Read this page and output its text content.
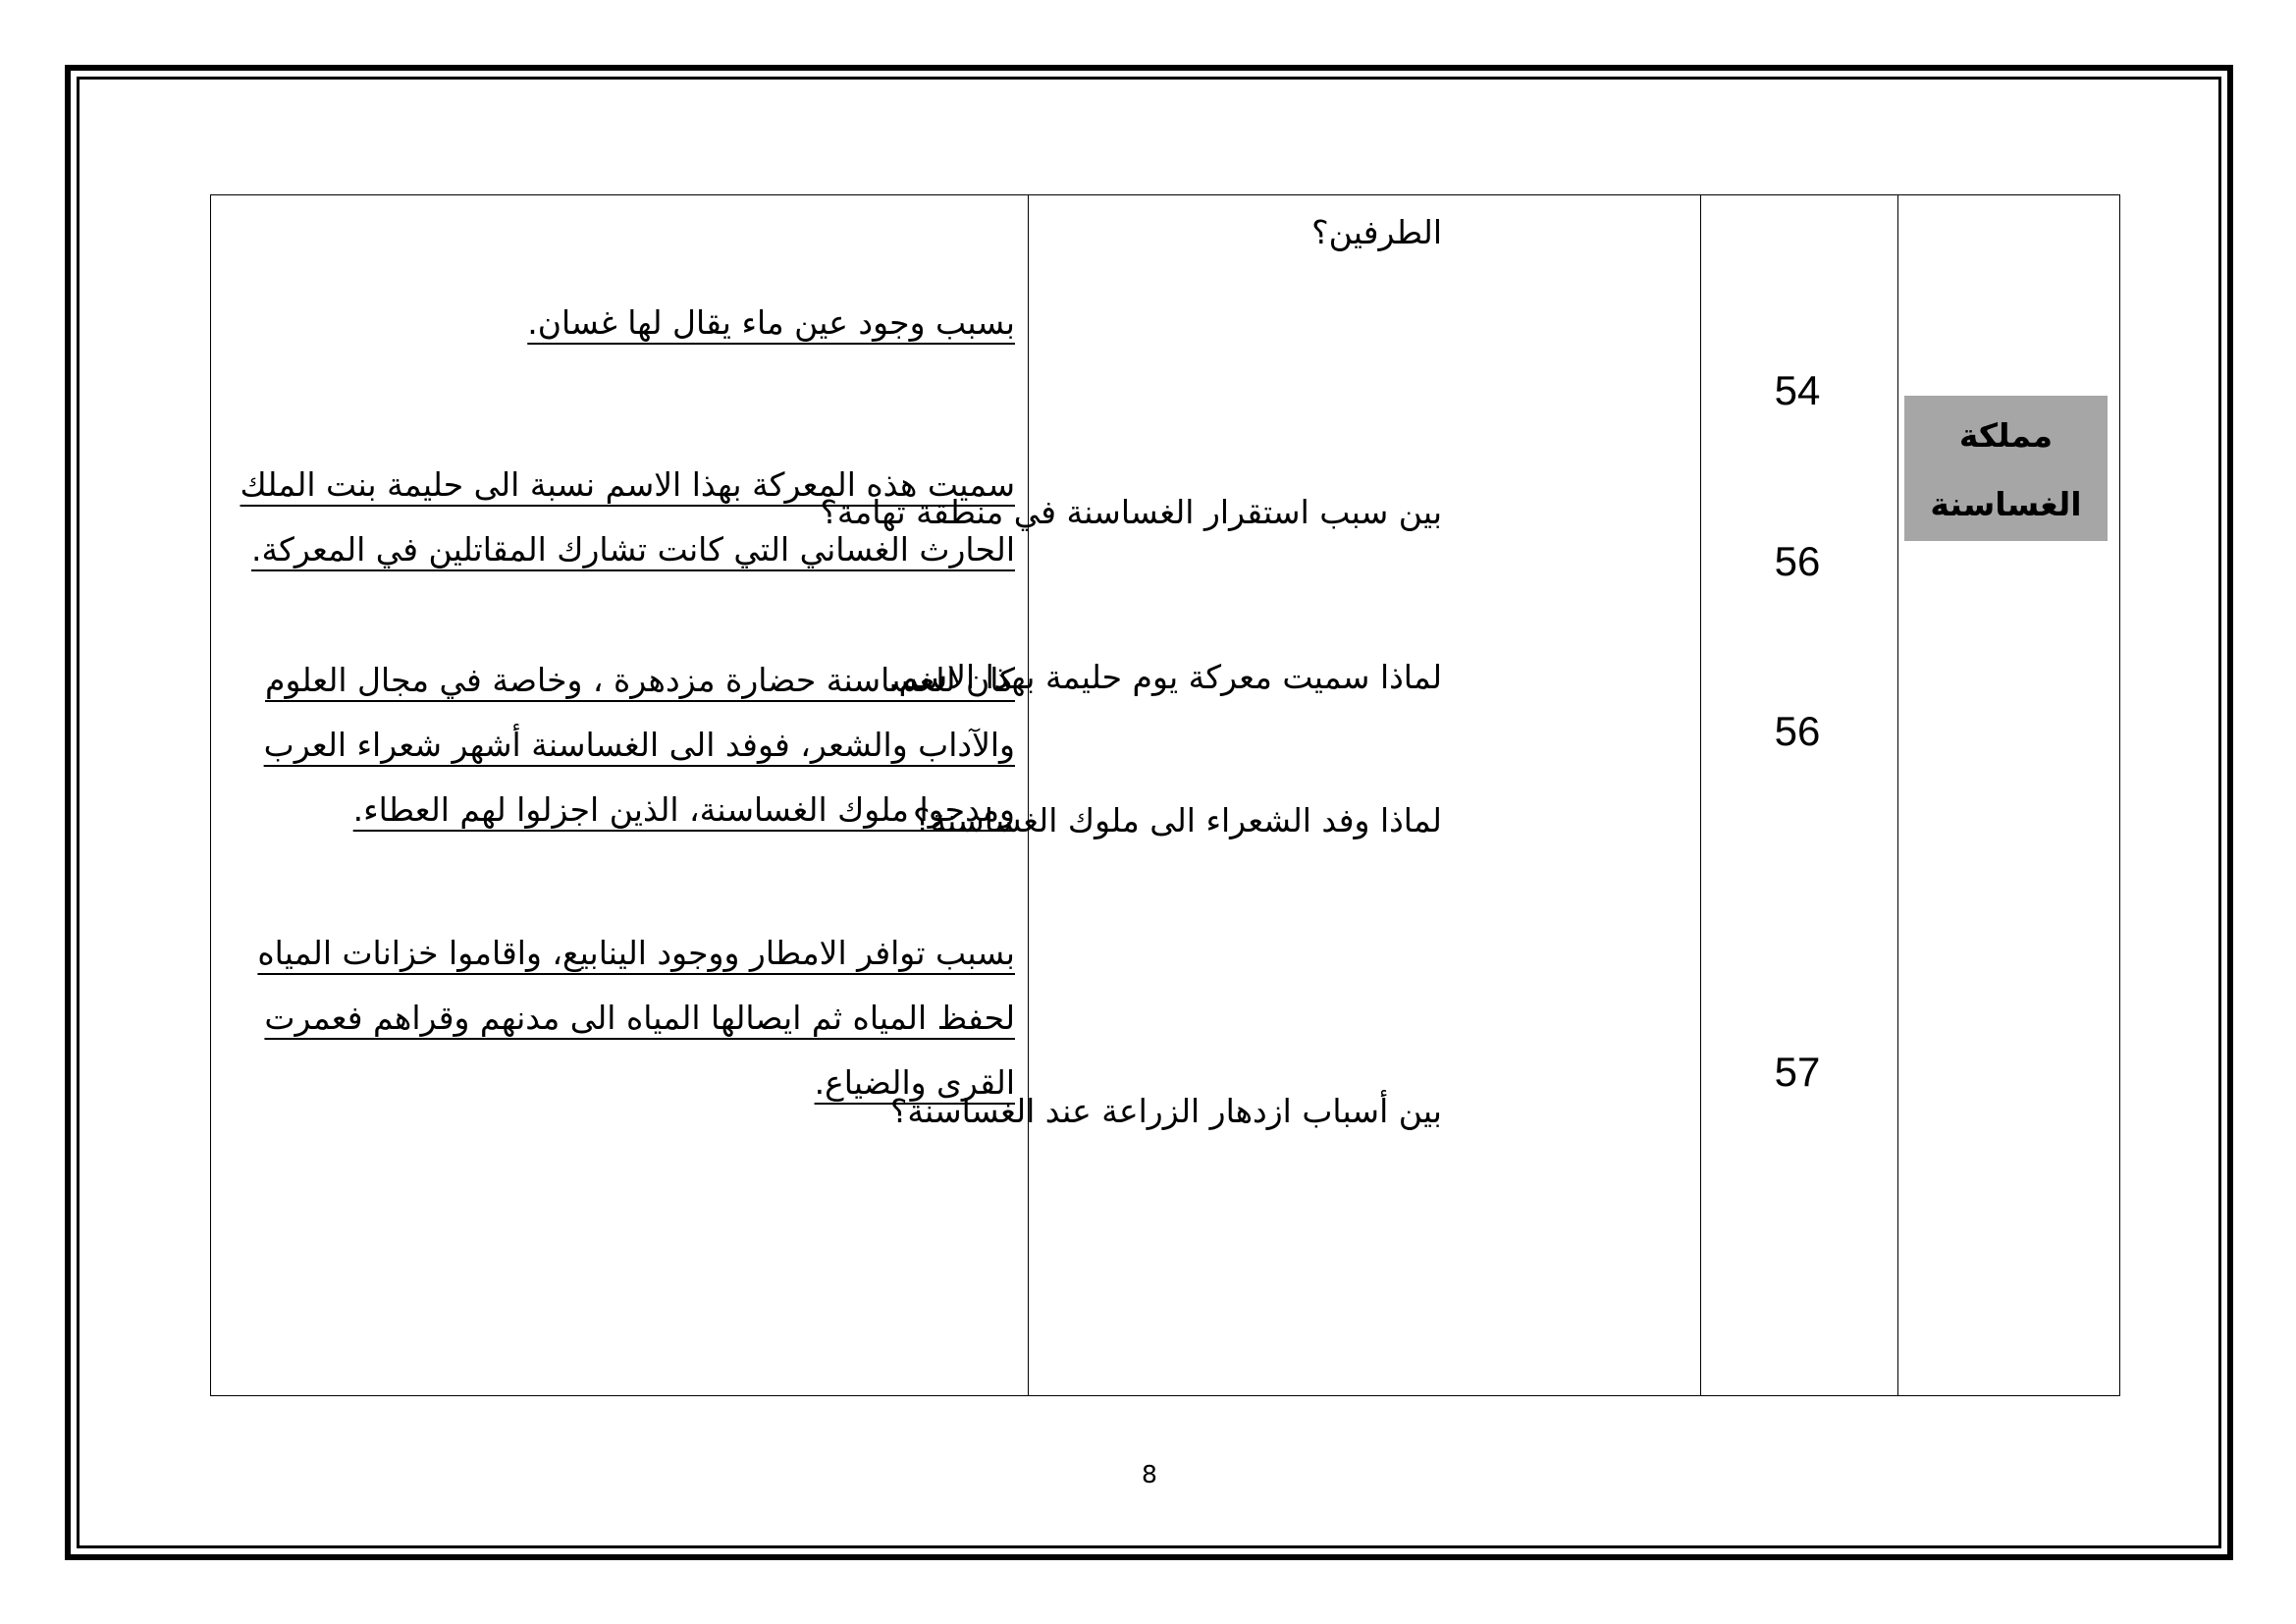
الطرفين؟
بين سبب استقرار الغساسنة في منطقة تهامة؟
لماذا سميت معركة يوم حليمة بهذا الاسم.
لماذا وفد الشعراء الى ملوك الغساسنة؟
بين أسباب ازدهار الزراعة عند الغساسنة؟
54
56
56
57
مملكة الغساسنة
بسبب وجود عين ماء يقال لها غسان.
سميت هذه المعركة بهذا الاسم نسبة الى حليمة بنت الملك الحارث الغساني التي كانت تشارك المقاتلين في المعركة.
كان للغساسنة حضارة مزدهرة ، وخاصة في مجال العلوم والآداب والشعر، فوفد الى الغساسنة أشهر شعراء العرب ومدحوا ملوك الغساسنة، الذين اجزلوا لهم العطاء.
بسبب توافر الامطار ووجود الينابيع، واقاموا خزانات المياه لحفظ المياه ثم ايصالها المياه الى مدنهم وقراهم فعمرت القرى والضياع.
8
